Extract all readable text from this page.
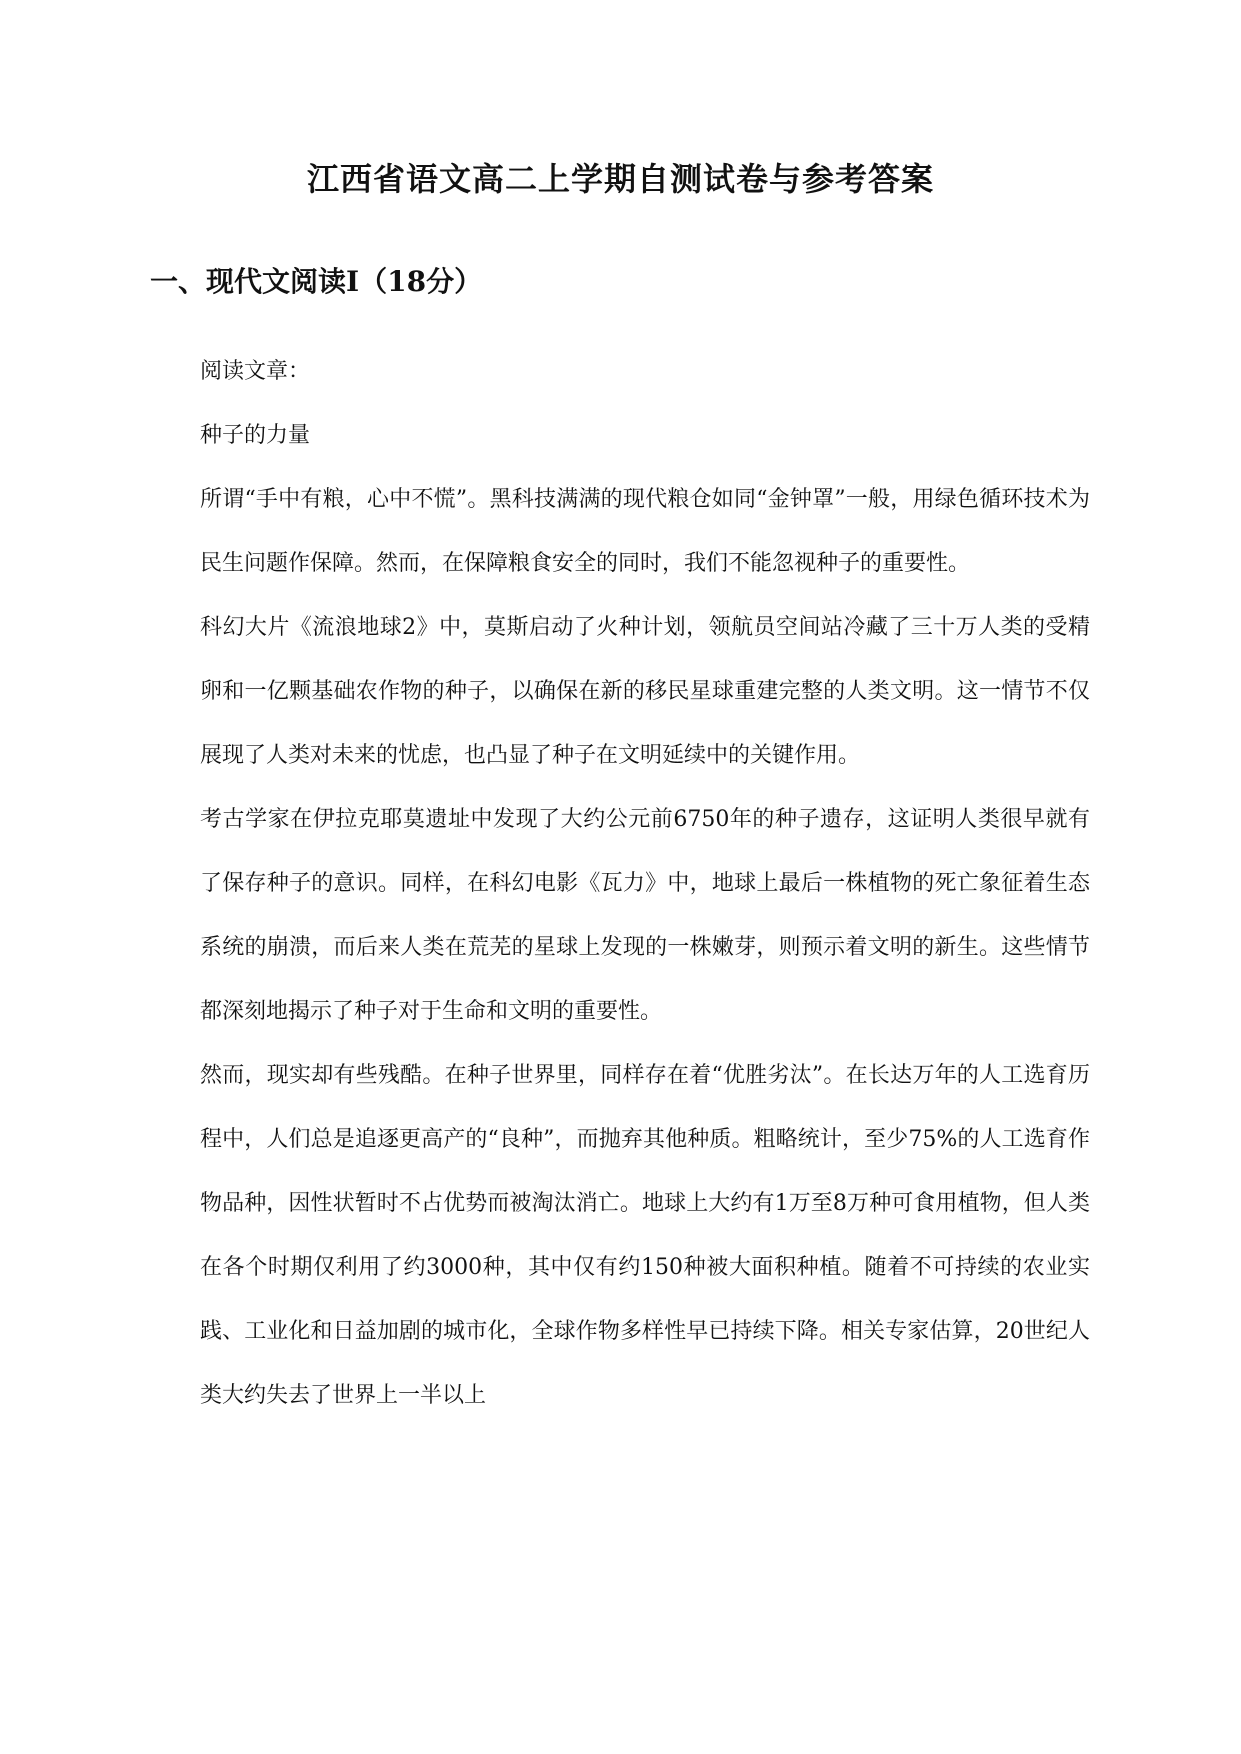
江西省语文高二上学期自测试卷与参考答案
一、现代文阅读Ⅰ（18分）

阅读文章：

种子的力量

所谓“手中有粮，心中不慌”。黑科技满满的现代粮仓如同“金钟罩”一般，用绿色循环技术为民生问题作保障。然而，在保障粮食安全的同时，我们不能忽视种子的重要性。

科幻大片《流浪地球2》中，莫斯启动了火种计划，领航员空间站冷藏了三十万人类的受精卵和一亿颗基础农作物的种子，以确保在新的移民星球重建完整的人类文明。这一情节不仅展现了人类对未来的忧虑，也凸显了种子在文明延续中的关键作用。

考古学家在伊拉克耶莫遗址中发现了大约公元前6750年的种子遗存，这证明人类很早就有了保存种子的意识。同样，在科幻电影《瓦力》中，地球上最后一株植物的死亡象征着生态系统的崩溃，而后来人类在荒芜的星球上发现的一株嫩芽，则预示着文明的新生。这些情节都深刻地揭示了种子对于生命和文明的重要性。

然而，现实却有些残酷。在种子世界里，同样存在着“优胜劣汰”。在长达万年的人工选育历程中，人们总是追逐更高产的“良种”，而抛弃其他种质。粗略统计，至少75%的人工选育作物品种，因性状暂时不占优势而被淘汰消亡。地球上大约有1万至8万种可食用植物，但人类在各个时期仅利用了约3000种，其中仅有约150种被大面积种植。随着不可持续的农业实践、工业化和日益加剧的城市化，全球作物多样性早已持续下降。相关专家估算，20世纪人类大约失去了世界上一半以上
